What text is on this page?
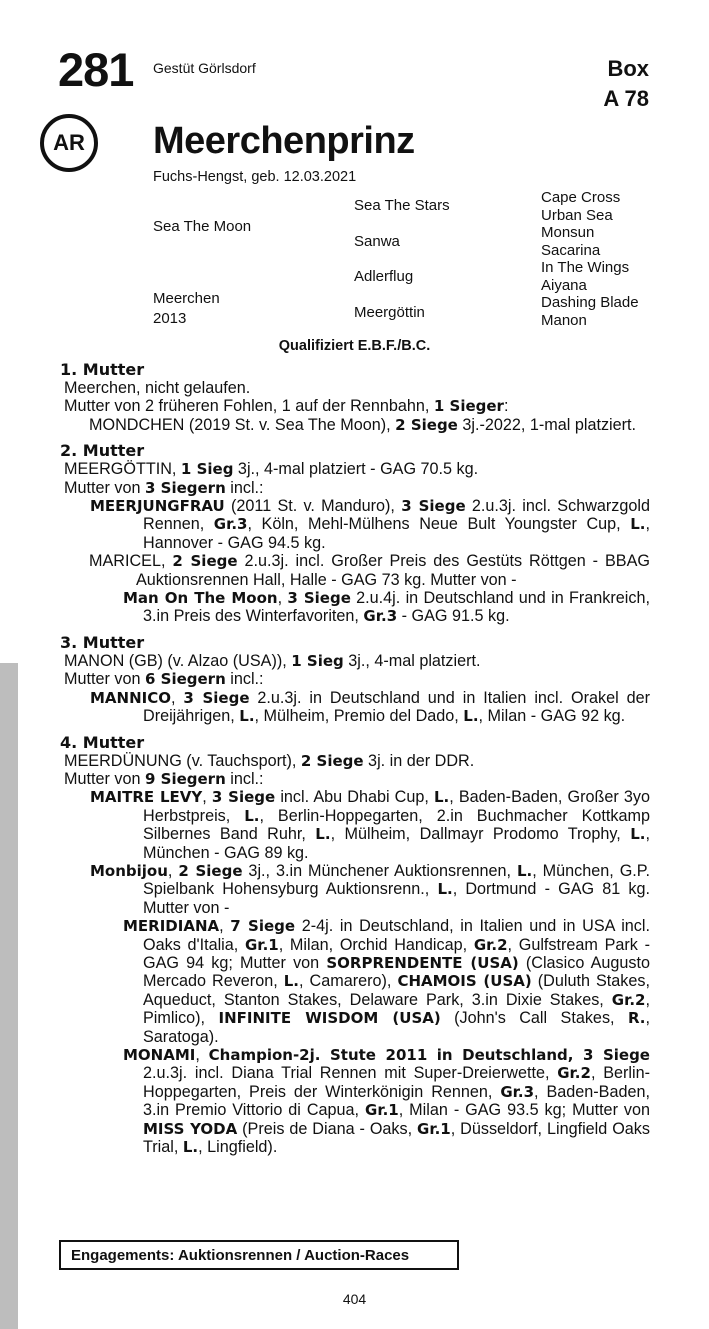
281 Gestüt Görlsdorf	Box
A 78
AR	Meerchenprinz
Fuchs-Hengst, geb. 12.03.2021
Sea The Moon
Meerchen
2013
Sea The Stars
Sanwa
Adlerflug
Meergöttin
Cape Cross
Urban Sea
Monsun
Sacarina
In The Wings
Aiyana
Dashing Blade
Manon
Qualifiziert E.B.F./B.C.
1. Mutter
Meerchen, nicht gelaufen.
Mutter von 2 früheren Fohlen, 1 auf der Rennbahn, 1 Sieger:
MONDCHEN (2019 St. v. Sea The Moon), 2 Siege 3j.-2022, 1-mal platziert.
2. Mutter
MEERGÖTTIN, 1 Sieg 3j., 4-mal platziert - GAG 70.5 kg.
Mutter von 3 Siegern incl.:
MEERJUNGFRAU (2011 St. v. Manduro), 3 Siege 2.u.3j. incl. Schwarzgold Rennen, Gr.3, Köln, Mehl-Mülhens Neue Bult Youngster Cup, L., Hannover - GAG 94.5 kg.
MARICEL, 2 Siege 2.u.3j. incl. Großer Preis des Gestüts Röttgen - BBAG Auktionsrennen Hall, Halle - GAG 73 kg. Mutter von -
Man On The Moon, 3 Siege 2.u.4j. in Deutschland und in Frankreich, 3.in Preis des Winterfavoriten, Gr.3 - GAG 91.5 kg.
3. Mutter
MANON (GB) (v. Alzao (USA)), 1 Sieg 3j., 4-mal platziert.
Mutter von 6 Siegern incl.:
MANNICO, 3 Siege 2.u.3j. in Deutschland und in Italien incl. Orakel der Dreijährigen, L., Mülheim, Premio del Dado, L., Milan - GAG 92 kg.
4. Mutter
MEERDÜNUNG (v. Tauchsport), 2 Siege 3j. in der DDR.
Mutter von 9 Siegern incl.:
MAITRE LEVY, 3 Siege incl. Abu Dhabi Cup, L., Baden-Baden, Großer 3yo Herbstpreis, L., Berlin-Hoppegarten, 2.in Buchmacher Kottkamp Silbernes Band Ruhr, L., Mülheim, Dallmayr Prodomo Trophy, L., München - GAG 89 kg.
Monbijou, 2 Siege 3j., 3.in Münchener Auktionsrennen, L., München, G.P. Spielbank Hohensyburg Auktionsrenn., L., Dortmund - GAG 81 kg. Mutter von -
MERIDIANA, 7 Siege 2-4j. in Deutschland, in Italien und in USA incl. Oaks d'Italia, Gr.1, Milan, Orchid Handicap, Gr.2, Gulfstream Park - GAG 94 kg; Mutter von SORPRENDENTE (USA) (Clasico Augusto Mercado Reveron, L., Camarero), CHAMOIS (USA) (Duluth Stakes, Aqueduct, Stanton Stakes, Delaware Park, 3.in Dixie Stakes, Gr.2, Pimlico), INFINITE WISDOM (USA) (John's Call Stakes, R., Saratoga).
MONAMI, Champion-2j. Stute 2011 in Deutschland, 3 Siege 2.u.3j. incl. Diana Trial Rennen mit Super-Dreierwette, Gr.2, Berlin-Hoppegarten, Preis der Winterkönigin Rennen, Gr.3, Baden-Baden, 3.in Premio Vittorio di Capua, Gr.1, Milan - GAG 93.5 kg; Mutter von MISS YODA (Preis de Diana - Oaks, Gr.1, Düsseldorf, Lingfield Oaks Trial, L., Lingfield).
Engagements: Auktionsrennen / Auction-Races
404
